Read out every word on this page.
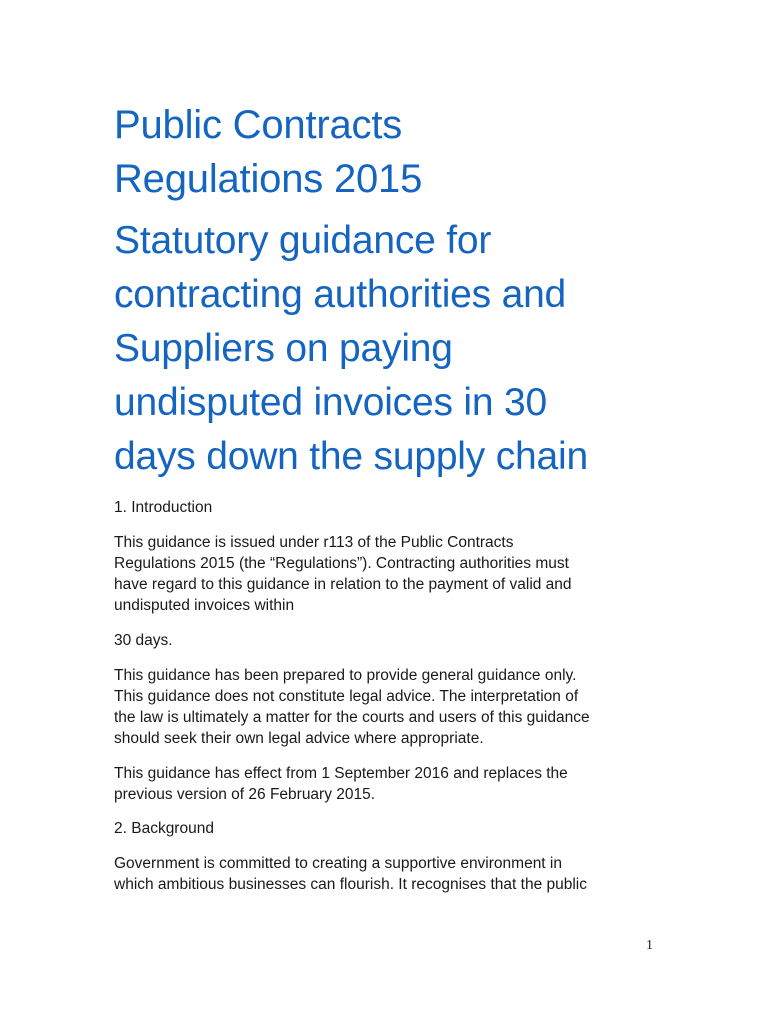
Public Contracts
Regulations 2015
Statutory guidance for
contracting authorities and
Suppliers on paying
undisputed invoices in 30
days down the supply chain
1. Introduction

This guidance is issued under r113 of the Public Contracts
Regulations 2015 (the “Regulations”). Contracting authorities must
have regard to this guidance in relation to the payment of valid and
undisputed invoices within

30 days.

This guidance has been prepared to provide general guidance only.
This guidance does not constitute legal advice. The interpretation of
the law is ultimately a matter for the courts and users of this guidance
should seek their own legal advice where appropriate.

This guidance has effect from 1 September 2016 and replaces the
previous version of 26 February 2015.

2. Background

Government is committed to creating a supportive environment in
which ambitious businesses can flourish. It recognises that the public

1
